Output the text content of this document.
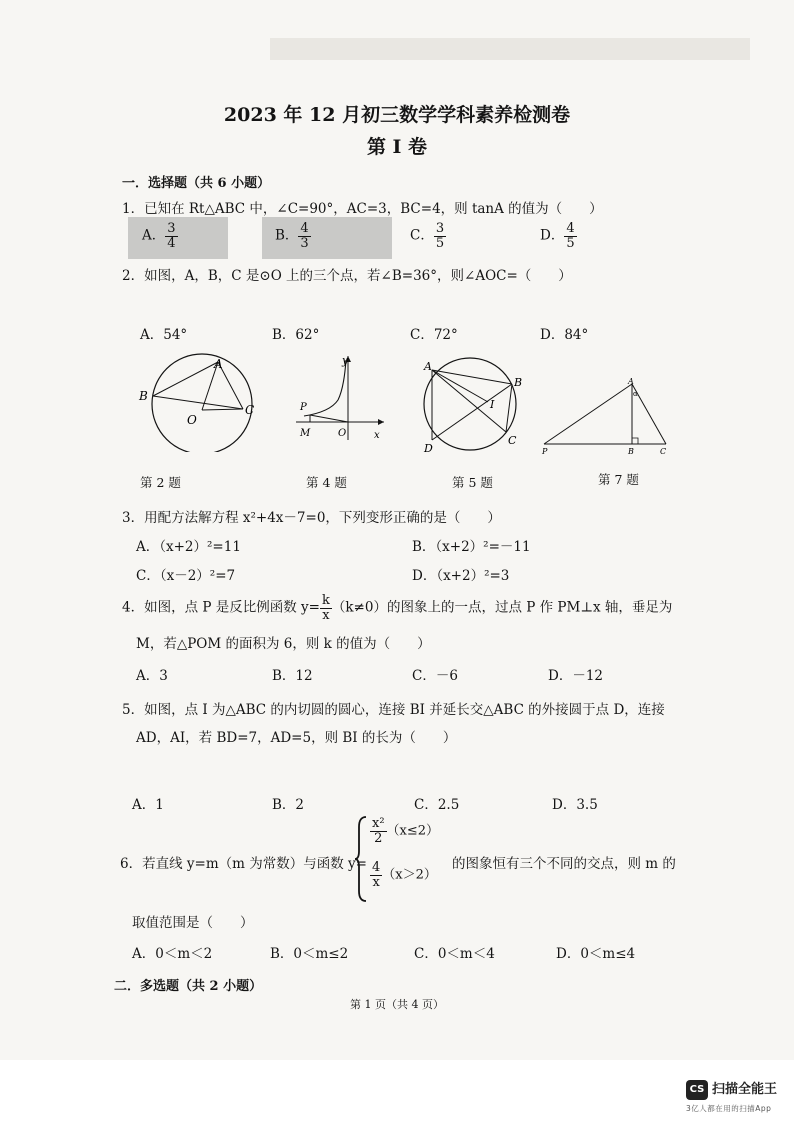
2023 年 12 月初三数学学科素养检测卷
第 I 卷
一．选择题（共 6 小题）
1．已知在 Rt△ABC 中，∠C=90°，AC=3，BC=4，则 tanA 的值为（　　）
A． $\frac{3}{4}$	B． $\frac{4}{3}$	C． $\frac{3}{5}$	D． $\frac{4}{5}$
2．如图，A，B，C 是⊙O 上的三个点，若∠B=36°，则∠AOC=（　　）
A．54°	B．62°	C．72°	D．84°
A
B
C
O
y
P
M	O	x
A
B
C
D
I
A
α
P	B	C
第 2 题	第 4 题	第 5 题	第 7 题
3．用配方法解方程 x²+4x－7=0，下列变形正确的是（　　）
A．（x+2）²=11	B．（x+2）²=－11
C．（x－2）²=7	D．（x+2）²=3
4．如图，点 P 是反比例函数 $y= \frac{k}{x} (k\ne 0)$的图象上的一点，过点 P 作 PM⊥x 轴，垂足为
M，若△POM 的面积为 6，则 k 的值为（　　）
A．3	B．12	C．－6	D．－12
5．如图，点 I 为△ABC 的内切圆的圆心，连接 BI 并延长交△ABC 的外接圆于点 D，连接
AD，AI，若 BD=7，AD=5，则 BI 的长为（　　）
A．1	B．2	C．2.5	D．3.5
6．若直线 y=m（m 为常数）与函数 y=
$\frac{\text{x²}}{2} (x\le 2)$
$\frac{4}{x} (x>2)$
的图象恒有三个不同的交点，则 m 的
取值范围是（　　）
A．0＜m＜2	B．0＜m≤2	C．0＜m＜4	D．0＜m≤4
二．多选题（共 2 小题）
第 1 页（共 4 页）
CS 扫描全能王
3亿人都在用的扫描App
